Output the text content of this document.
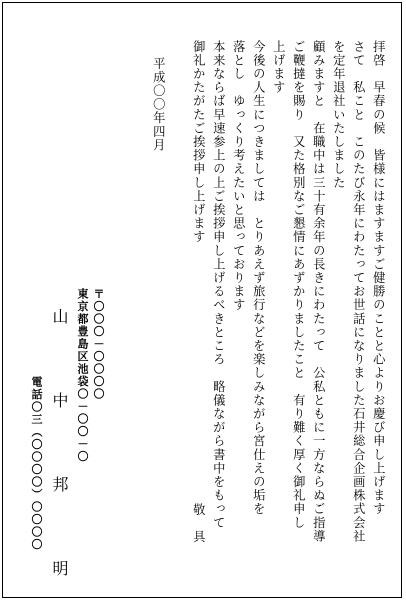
拝啓　早春の候　皆様にはますますご健勝のことと心よりお慶び申し上げます
さて　私こと　このたび永年にわたってお世話になりました石井総合企画株式会社
を定年退社いたしました
顧みますと　在職中は三十有余年の長きにわたって　公私ともに一方ならぬご指導
ご鞭撻を賜り　又た格別なご懇情にあずかりましたこと　有り難く厚く御礼申し
上げます
今後の人生につきましては　とりあえず旅行などを楽しみながら宮仕えの垢を
落とし　ゆっくり考えたいと思っております
本来ならば早速参上の上ご挨拶申し上げるべきところ　略儀ながら書中をもって
御礼かたがたご挨拶申し上げます
敬　具
平成〇〇年四月
〒〇〇〇－〇〇〇〇
東京都豊島区池袋〇－〇〇－〇
山　中　邦　明
電話〇三（〇〇〇〇）〇〇〇〇
